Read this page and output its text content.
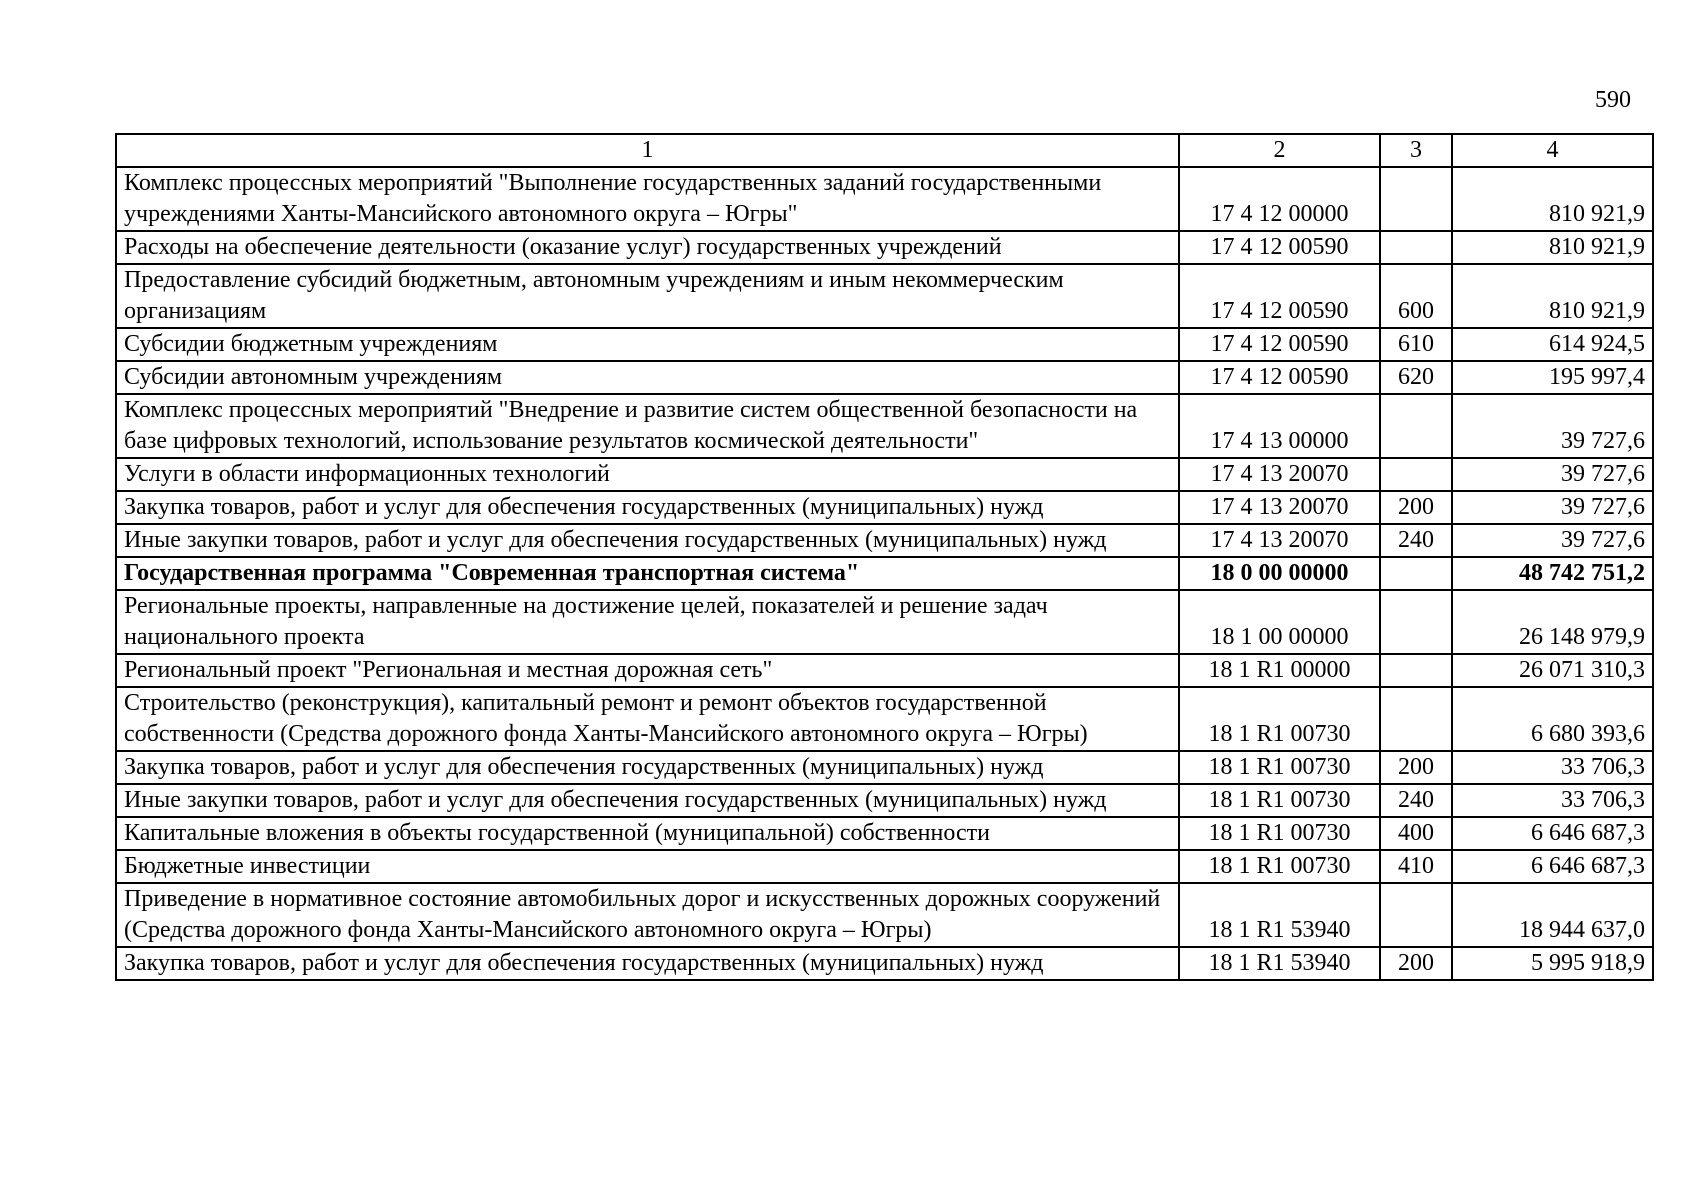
590
1	2	3	4
Комплекс процессных мероприятий "Выполнение государственных заданий государственными учреждениями Ханты-Мансийского автономного округа – Югры"	17 4 12 00000		810 921,9
Расходы на обеспечение деятельности (оказание услуг) государственных учреждений	17 4 12 00590		810 921,9
Предоставление субсидий бюджетным, автономным учреждениям и иным некоммерческим организациям	17 4 12 00590	600	810 921,9
Субсидии бюджетным учреждениям	17 4 12 00590	610	614 924,5
Субсидии автономным учреждениям	17 4 12 00590	620	195 997,4
Комплекс процессных мероприятий "Внедрение и развитие систем общественной безопасности на базе цифровых технологий, использование результатов космической деятельности"	17 4 13 00000		39 727,6
Услуги в области информационных технологий	17 4 13 20070		39 727,6
Закупка товаров, работ и услуг для обеспечения государственных (муниципальных) нужд	17 4 13 20070	200	39 727,6
Иные закупки товаров, работ и услуг для обеспечения государственных (муниципальных) нужд	17 4 13 20070	240	39 727,6
Государственная программа "Современная транспортная система"	18 0 00 00000		48 742 751,2
Региональные проекты, направленные на достижение целей, показателей и решение задач национального проекта	18 1 00 00000		26 148 979,9
Региональный проект "Региональная и местная дорожная сеть"	18 1 R1 00000		26 071 310,3
Строительство (реконструкция), капитальный ремонт и ремонт объектов государственной собственности (Средства дорожного фонда Ханты-Мансийского автономного округа – Югры)	18 1 R1 00730		6 680 393,6
Закупка товаров, работ и услуг для обеспечения государственных (муниципальных) нужд	18 1 R1 00730	200	33 706,3
Иные закупки товаров, работ и услуг для обеспечения государственных (муниципальных) нужд	18 1 R1 00730	240	33 706,3
Капитальные вложения в объекты государственной (муниципальной) собственности	18 1 R1 00730	400	6 646 687,3
Бюджетные инвестиции	18 1 R1 00730	410	6 646 687,3
Приведение в нормативное состояние автомобильных дорог и искусственных дорожных сооружений (Средства дорожного фонда Ханты-Мансийского автономного округа – Югры)	18 1 R1 53940		18 944 637,0
Закупка товаров, работ и услуг для обеспечения государственных (муниципальных) нужд	18 1 R1 53940	200	5 995 918,9
